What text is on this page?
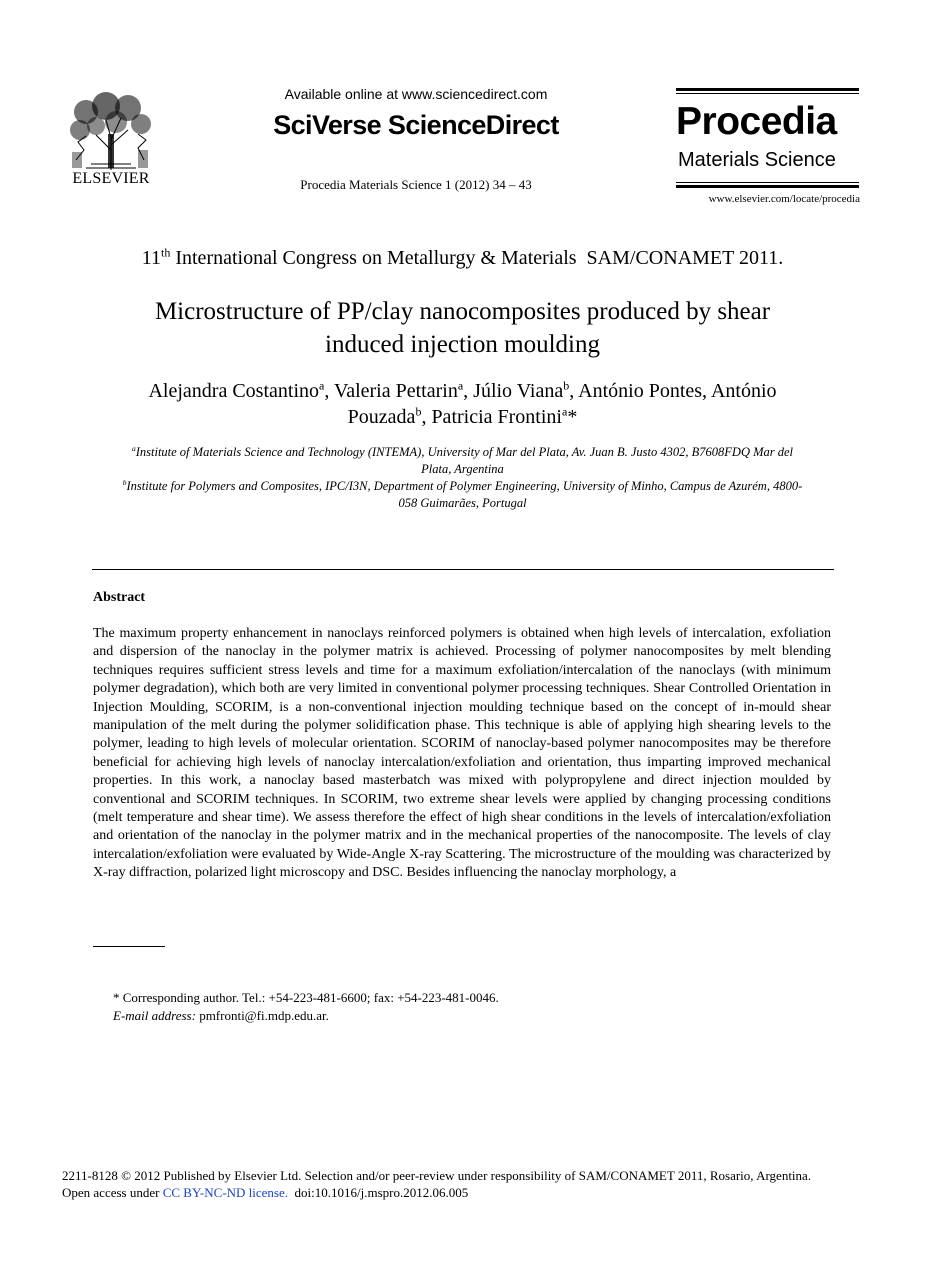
ELSEVIER
Available online at www.sciencedirect.com
SciVerse ScienceDirect
Procedia Materials Science 1 (2012) 34 – 43
Procedia
Materials Science
www.elsevier.com/locate/procedia
11th International Congress on Metallurgy & Materials  SAM/CONAMET 2011.
Microstructure of PP/clay nanocomposites produced by shear
induced injection moulding
Alejandra Costantino$^a$, Valeria Pettarin$^a$, Júlio Viana$^b$, António Pontes, António
Pouzada$^b$, Patricia Frontini$^a$*
$^a$Institute of Materials Science and Technology (INTEMA), University of Mar del Plata, Av. Juan B. Justo 4302, B7608FDQ Mar del
Plata, Argentina
$^b$Institute for Polymers and Composites, IPC/I3N, Department of Polymer Engineering, University of Minho, Campus de Azurém, 4800-
058 Guimarães, Portugal
Abstract
The maximum property enhancement in nanoclays reinforced polymers is obtained when high levels of intercalation, exfoliation and dispersion of the nanoclay in the polymer matrix is achieved. Processing of polymer nanocomposites by melt blending techniques requires sufficient stress levels and time for a maximum exfoliation/intercalation of the nanoclays (with minimum polymer degradation), which both are very limited in conventional polymer processing techniques. Shear Controlled Orientation in Injection Moulding, SCORIM, is a non-conventional injection moulding technique based on the concept of in-mould shear manipulation of the melt during the polymer solidification phase. This technique is able of applying high shearing levels to the polymer, leading to high levels of molecular orientation. SCORIM of nanoclay-based polymer nanocomposites may be therefore beneficial for achieving high levels of nanoclay intercalation/exfoliation and orientation, thus imparting improved mechanical properties. In this work, a nanoclay based masterbatch was mixed with polypropylene and direct injection moulded by conventional and SCORIM techniques. In SCORIM, two extreme shear levels were applied by changing processing conditions (melt temperature and shear time). We assess therefore the effect of high shear conditions in the levels of intercalation/exfoliation and orientation of the nanoclay in the polymer matrix and in the mechanical properties of the nanocomposite. The levels of clay intercalation/exfoliation were evaluated by Wide-Angle X-ray Scattering. The microstructure of the moulding was characterized by X-ray diffraction, polarized light microscopy and DSC. Besides influencing the nanoclay morphology, a
* Corresponding author. Tel.: +54-223-481-6600; fax: +54-223-481-0046.
E-mail address: pmfronti@fi.mdp.edu.ar.
2211-8128 © 2012 Published by Elsevier Ltd. Selection and/or peer-review under responsibility of SAM/CONAMET 2011, Rosario, Argentina.
Open access under CC BY-NC-ND license.  doi:10.1016/j.mspro.2012.06.005
